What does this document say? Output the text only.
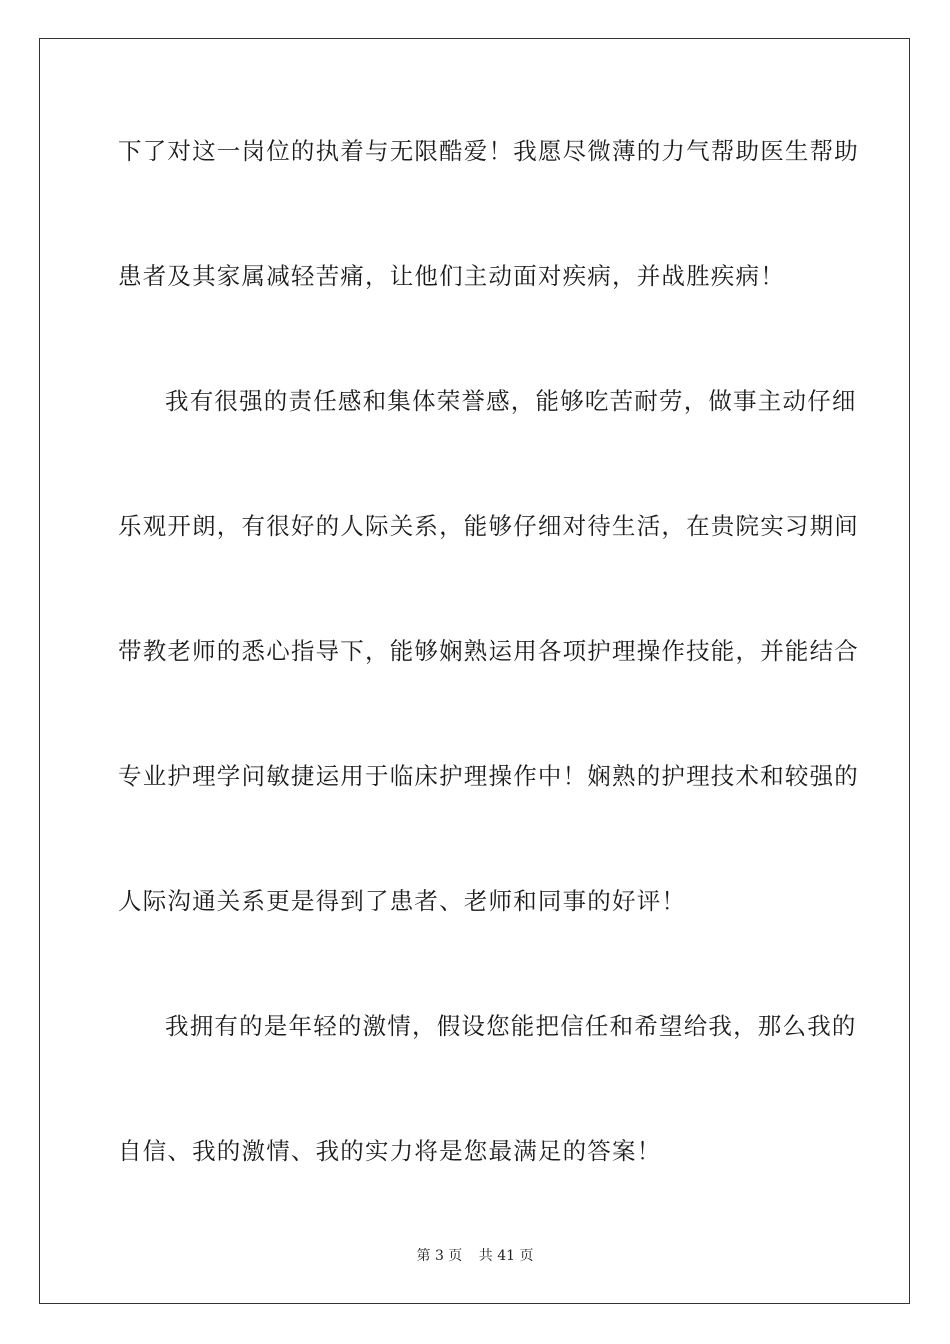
下了对这一岗位的执着与无限酷爱！我愿尽微薄的力气帮助医生帮助
患者及其家属减轻苦痛，让他们主动面对疾病，并战胜疾病！
我有很强的责任感和集体荣誉感，能够吃苦耐劳，做事主动仔细
乐观开朗，有很好的人际关系，能够仔细对待生活，在贵院实习期间
带教老师的悉心指导下，能够娴熟运用各项护理操作技能，并能结合
专业护理学问敏捷运用于临床护理操作中！娴熟的护理技术和较强的
人际沟通关系更是得到了患者、老师和同事的好评！
我拥有的是年轻的激情，假设您能把信任和希望给我，那么我的
自信、我的激情、我的实力将是您最满足的答案！
第 3 页 共 41 页
